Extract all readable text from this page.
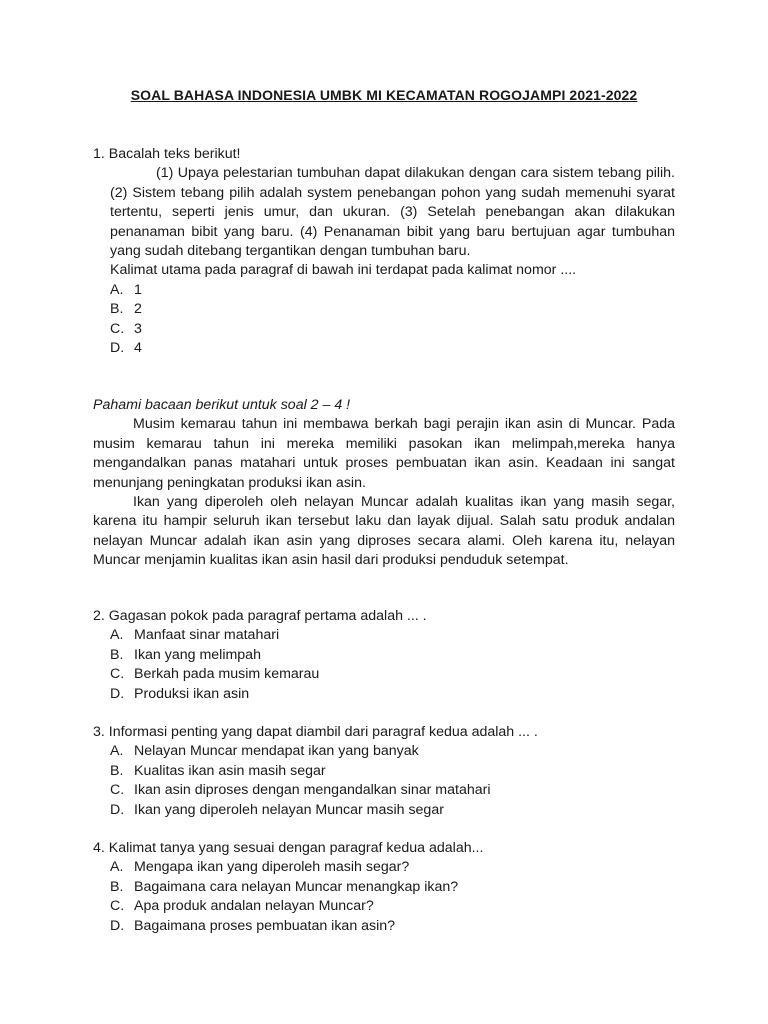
SOAL BAHASA INDONESIA UMBK MI KECAMATAN ROGOJAMPI 2021-2022

1. Bacalah teks berikut!

(1) Upaya pelestarian tumbuhan dapat dilakukan dengan cara sistem tebang pilih. (2) Sistem tebang pilih adalah system penebangan pohon yang sudah memenuhi syarat tertentu, seperti jenis umur, dan ukuran. (3) Setelah penebangan akan dilakukan penanaman bibit yang baru. (4) Penanaman bibit yang baru bertujuan agar tumbuhan yang sudah ditebang tergantikan dengan tumbuhan baru.

Kalimat utama pada paragraf di bawah ini terdapat pada kalimat nomor ....

A. 1
B. 2
C. 3
D. 4

Pahami bacaan berikut untuk soal 2 – 4 !

Musim kemarau tahun ini membawa berkah bagi perajin ikan asin di Muncar. Pada musim kemarau tahun ini mereka memiliki pasokan ikan melimpah,mereka hanya mengandalkan panas matahari untuk proses pembuatan ikan asin. Keadaan ini sangat menunjang peningkatan produksi ikan asin.

Ikan yang diperoleh oleh nelayan Muncar adalah kualitas ikan yang masih segar, karena itu hampir seluruh ikan tersebut laku dan layak dijual. Salah satu produk andalan nelayan Muncar adalah ikan asin yang diproses secara alami. Oleh karena itu, nelayan Muncar menjamin kualitas ikan asin hasil dari produksi penduduk setempat.

2. Gagasan pokok pada paragraf pertama adalah ... .

A. Manfaat sinar matahari
B. Ikan yang melimpah
C. Berkah pada musim kemarau
D. Produksi ikan asin

3. Informasi penting yang dapat diambil dari paragraf kedua adalah ... .

A. Nelayan Muncar mendapat ikan yang banyak
B. Kualitas ikan asin masih segar
C. Ikan asin diproses dengan mengandalkan sinar matahari
D. Ikan yang diperoleh nelayan Muncar masih segar

4. Kalimat tanya yang sesuai dengan paragraf kedua adalah...

A. Mengapa ikan yang diperoleh masih segar?
B. Bagaimana cara nelayan Muncar menangkap ikan?
C. Apa produk andalan nelayan Muncar?
D. Bagaimana proses pembuatan ikan asin?
